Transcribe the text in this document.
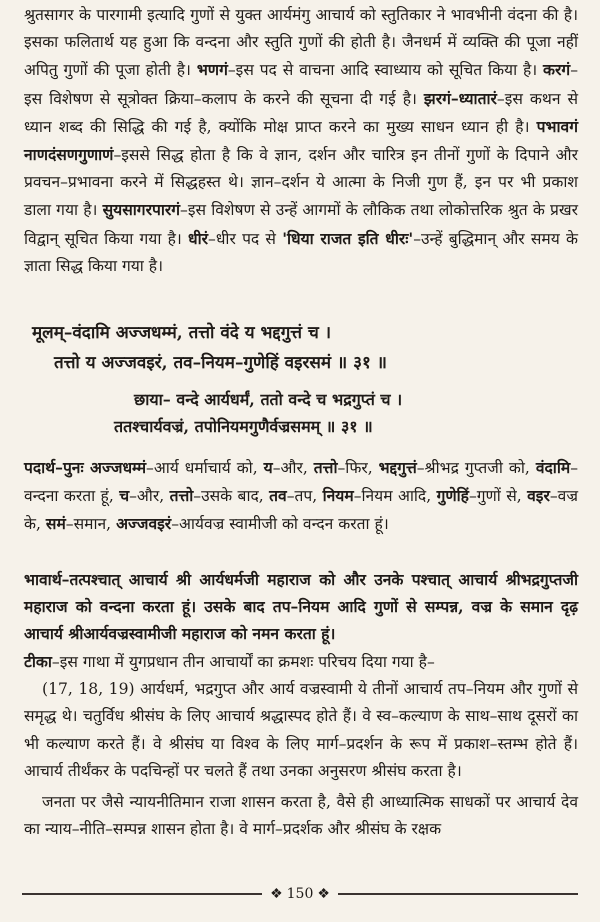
श्रुतसागर के पारगामी इत्यादि गुणों से युक्त आर्यमंगु आचार्य को स्तुतिकार ने भावभीनी वंदना की है। इसका फलितार्थ यह हुआ कि वन्दना और स्तुति गुणों की होती है। जैनधर्म में व्यक्ति की पूजा नहीं अपितु गुणों की पूजा होती है। भणगं–इस पद से वाचना आदि स्वाध्याय को सूचित किया है। करगं–इस विशेषण से सूत्रोक्त क्रिया–कलाप के करने की सूचना दी गई है। झरगं–ध्यातारं–इस कथन से ध्यान शब्द की सिद्धि की गई है, क्योंकि मोक्ष प्राप्त करने का मुख्य साधन ध्यान ही है। पभावगं नाणदंसणगुणाणं–इससे सिद्ध होता है कि वे ज्ञान, दर्शन और चारित्र इन तीनों गुणों के दिपाने और प्रवचन–प्रभावना करने में सिद्धहस्त थे। ज्ञान–दर्शन ये आत्मा के निजी गुण हैं, इन पर भी प्रकाश डाला गया है। सुयसागरपारगं–इस विशेषण से उन्हें आगमों के लौकिक तथा लोकोत्तरिक श्रुत के प्रखर विद्वान् सूचित किया गया है। धीरं–धीर पद से 'धिया राजत इति धीरः'–उन्हें बुद्धिमान् और समय के ज्ञाता सिद्ध किया गया है।

मूलम्–वंदामि अज्जधम्मं, तत्तो वंदे य भद्दगुत्तं च ।
तत्तो य अज्जवइरं, तव–नियम–गुणेहिं वइरसमं ॥ ३१ ॥
छाया– वन्दे आर्यधर्मं, ततो वन्दे च भद्रगुप्तं च ।
ततश्चार्यवज्रं, तपोनियमगुणैर्वज्रसमम् ॥ ३१ ॥

पदार्थ–पुनः अज्जधम्मं–आर्य धर्माचार्य को, य–और, तत्तो–फिर, भद्दगुत्तं–श्रीभद्र गुप्तजी को, वंदामि–वन्दना करता हूं, च–और, तत्तो–उसके बाद, तव–तप, नियम–नियम आदि, गुणेहिं–गुणों से, वइर–वज्र के, समं–समान, अज्जवइरं–आर्यवज्र स्वामीजी को वन्दन करता हूं।

भावार्थ–तत्पश्चात् आचार्य श्री आर्यधर्मजी महाराज को और उनके पश्चात् आचार्य श्रीभद्रगुप्तजी महाराज को वन्दना करता हूं। उसके बाद तप–नियम आदि गुणों से सम्पन्न, वज्र के समान दृढ़ आचार्य श्रीआर्यवज्रस्वामीजी महाराज को नमन करता हूं।

टीका–इस गाथा में युगप्रधान तीन आचार्यों का क्रमशः परिचय दिया गया है–

(17, 18, 19) आर्यधर्म, भद्रगुप्त और आर्य वज्रस्वामी ये तीनों आचार्य तप–नियम और गुणों से समृद्ध थे। चतुर्विध श्रीसंघ के लिए आचार्य श्रद्धास्पद होते हैं। वे स्व–कल्याण के साथ–साथ दूसरों का भी कल्याण करते हैं। वे श्रीसंघ या विश्व के लिए मार्ग–प्रदर्शन के रूप में प्रकाश–स्तम्भ होते हैं। आचार्य तीर्थंकर के पदचिन्हों पर चलते हैं तथा उनका अनुसरण श्रीसंघ करता है।

जनता पर जैसे न्यायनीतिमान राजा शासन करता है, वैसे ही आध्यात्मिक साधकों पर आचार्य देव का न्याय–नीति–सम्पन्न शासन होता है। वे मार्ग–प्रदर्शक और श्रीसंघ के रक्षक

❖ 150 ❖
